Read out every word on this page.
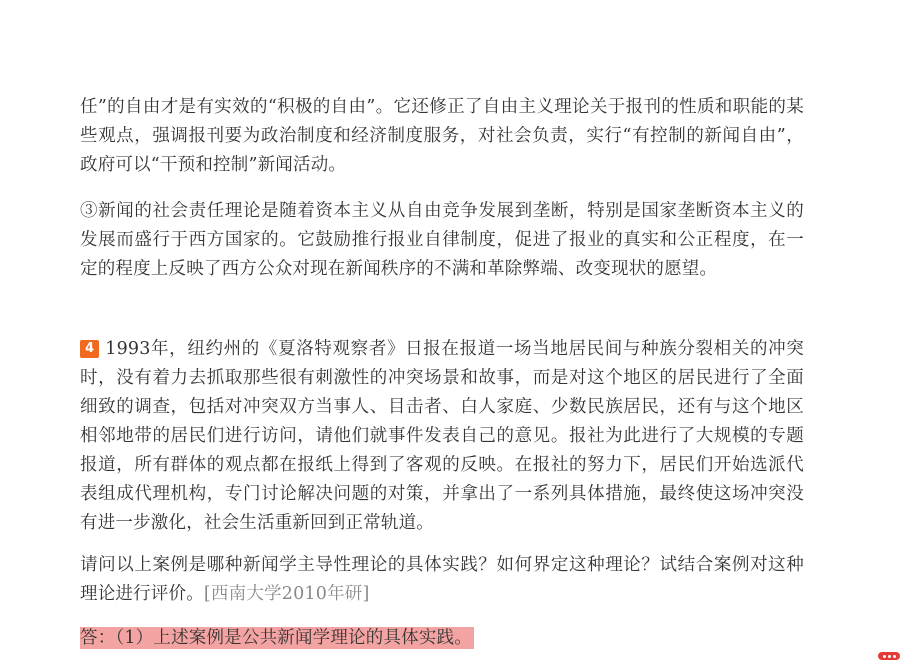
任”的自由才是有实效的“积极的自由”。它还修正了自由主义理论关于报刊的性质和职能的某些观点，强调报刊要为政治制度和经济制度服务，对社会负责，实行“有控制的新闻自由”，政府可以“干预和控制”新闻活动。

③新闻的社会责任理论是随着资本主义从自由竞争发展到垄断，特别是国家垄断资本主义的发展而盛行于西方国家的。它鼓励推行报业自律制度，促进了报业的真实和公正程度，在一定的程度上反映了西方公众对现在新闻秩序的不满和革除弊端、改变现状的愿望。

4 1993年，纽约州的《夏洛特观察者》日报在报道一场当地居民间与种族分裂相关的冲突时，没有着力去抓取那些很有刺激性的冲突场景和故事，而是对这个地区的居民进行了全面细致的调查，包括对冲突双方当事人、目击者、白人家庭、少数民族居民，还有与这个地区相邻地带的居民们进行访问，请他们就事件发表自己的意见。报社为此进行了大规模的专题报道，所有群体的观点都在报纸上得到了客观的反映。在报社的努力下，居民们开始选派代表组成代理机构，专门讨论解决问题的对策，并拿出了一系列具体措施，最终使这场冲突没有进一步激化，社会生活重新回到正常轨道。

请问以上案例是哪种新闻学主导性理论的具体实践？如何界定这种理论？试结合案例对这种理论进行评价。[西南大学2010年研]

答：（1）上述案例是公共新闻学理论的具体实践。
